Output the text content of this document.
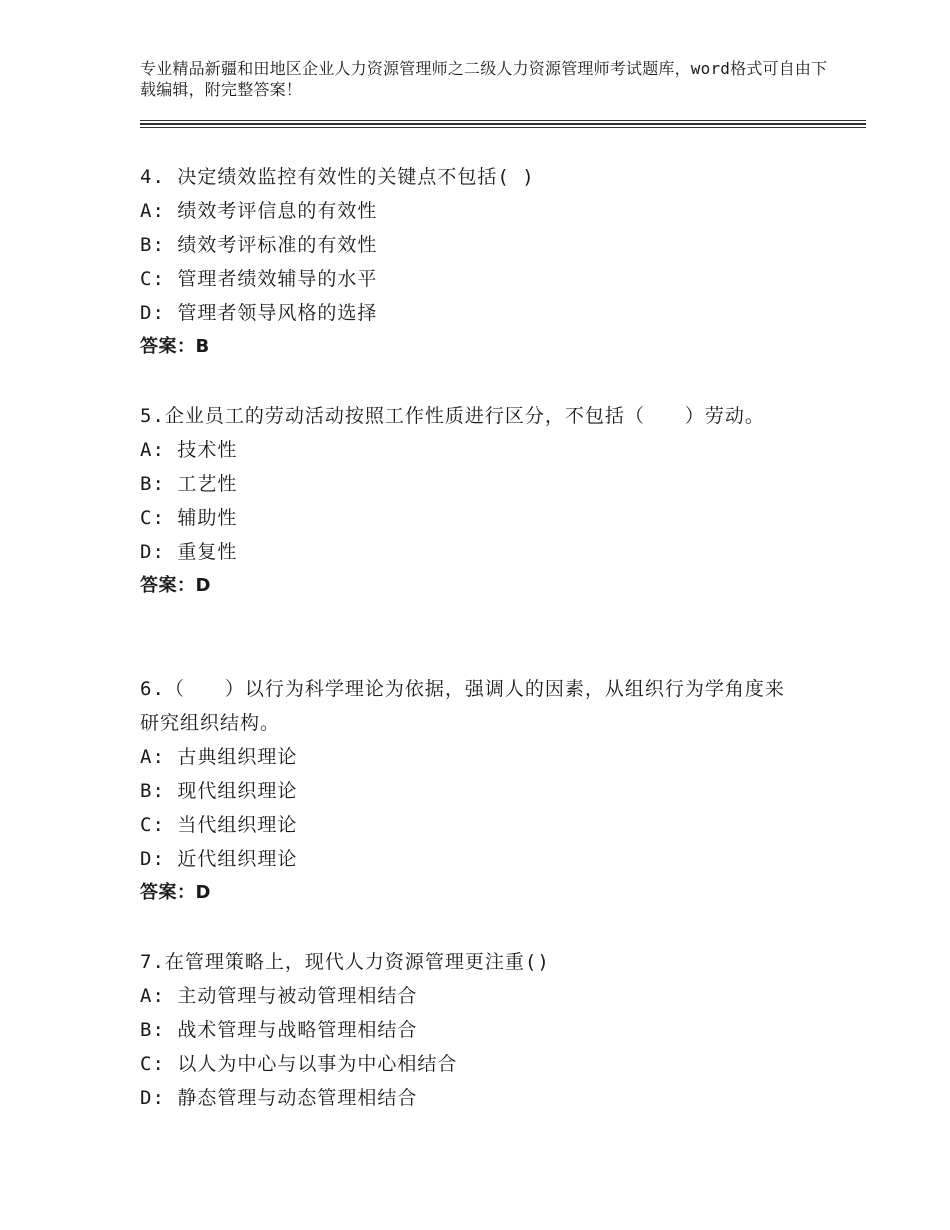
专业精品新疆和田地区企业人力资源管理师之二级人力资源管理师考试题库，word格式可自由下载编辑，附完整答案！

4. 决定绩效监控有效性的关键点不包括( )

A: 绩效考评信息的有效性

B: 绩效考评标准的有效性

C: 管理者绩效辅导的水平

D: 管理者领导风格的选择

答案：B

5.企业员工的劳动活动按照工作性质进行区分，不包括（　　）劳动。

A: 技术性

B: 工艺性

C: 辅助性

D: 重复性

答案：D

6.（　　）以行为科学理论为依据，强调人的因素，从组织行为学角度来研究组织结构。

A: 古典组织理论

B: 现代组织理论

C: 当代组织理论

D: 近代组织理论

答案：D

7.在管理策略上，现代人力资源管理更注重()

A: 主动管理与被动管理相结合

B: 战术管理与战略管理相结合

C: 以人为中心与以事为中心相结合

D: 静态管理与动态管理相结合
